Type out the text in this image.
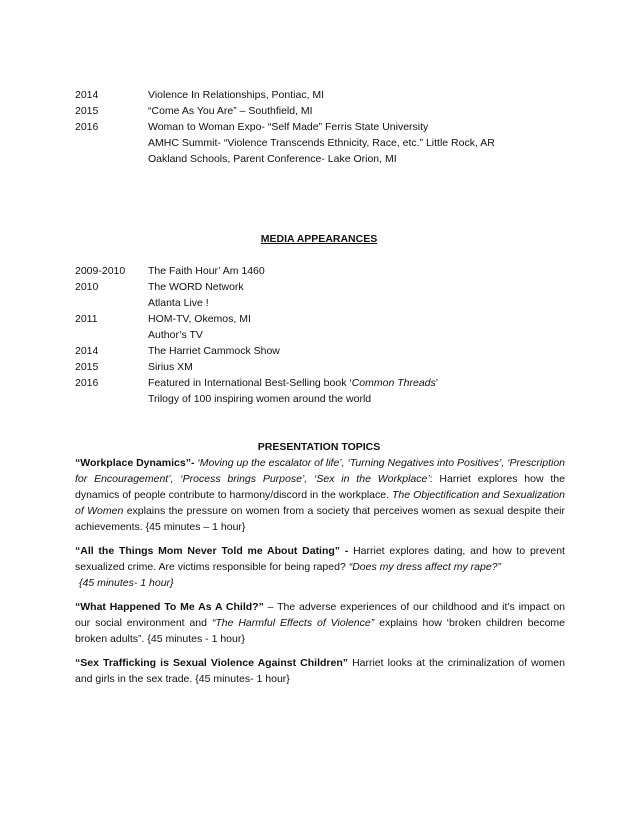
2014	Violence In Relationships, Pontiac, MI
2015	“Come As You Are” – Southfield, MI
2016	Woman to Woman Expo- “Self Made” Ferris State University
AMHC Summit- “Violence Transcends Ethnicity, Race, etc.” Little Rock, AR
Oakland Schools, Parent Conference- Lake Orion, MI
MEDIA APPEARANCES
2009-2010 The Faith Hour’ Am 1460
2010	The WORD Network
Atlanta Live !
2011	HOM-TV, Okemos, MI
Author’s TV
2014	The Harriet Cammock Show
2015	Sirius XM
2016	Featured in International Best-Selling book ‘Common Threads’
Trilogy of 100 inspiring women around the world
PRESENTATION TOPICS
“Workplace Dynamics”- ‘Moving up the escalator of life’, ‘Turning Negatives into Positives’, ‘Prescription for Encouragement’, ‘Process brings Purpose’, ‘Sex in the Workplace’: Harriet explores how the dynamics of people contribute to harmony/discord in the workplace. The Objectification and Sexualization of Women explains the pressure on women from a society that perceives women as sexual despite their achievements. {45 minutes – 1 hour}
“All the Things Mom Never Told me About Dating” - Harriet explores dating, and how to prevent sexualized crime. Are victims responsible for being raped? “Does my dress affect my rape?”
{45 minutes- 1 hour}
“What Happened To Me As A Child?” – The adverse experiences of our childhood and it’s impact on our social environment and “The Harmful Effects of Violence” explains how ‘broken children become broken adults”. {45 minutes - 1 hour}
“Sex Trafficking is Sexual Violence Against Children” Harriet looks at the criminalization of women and girls in the sex trade. {45 minutes- 1 hour}
